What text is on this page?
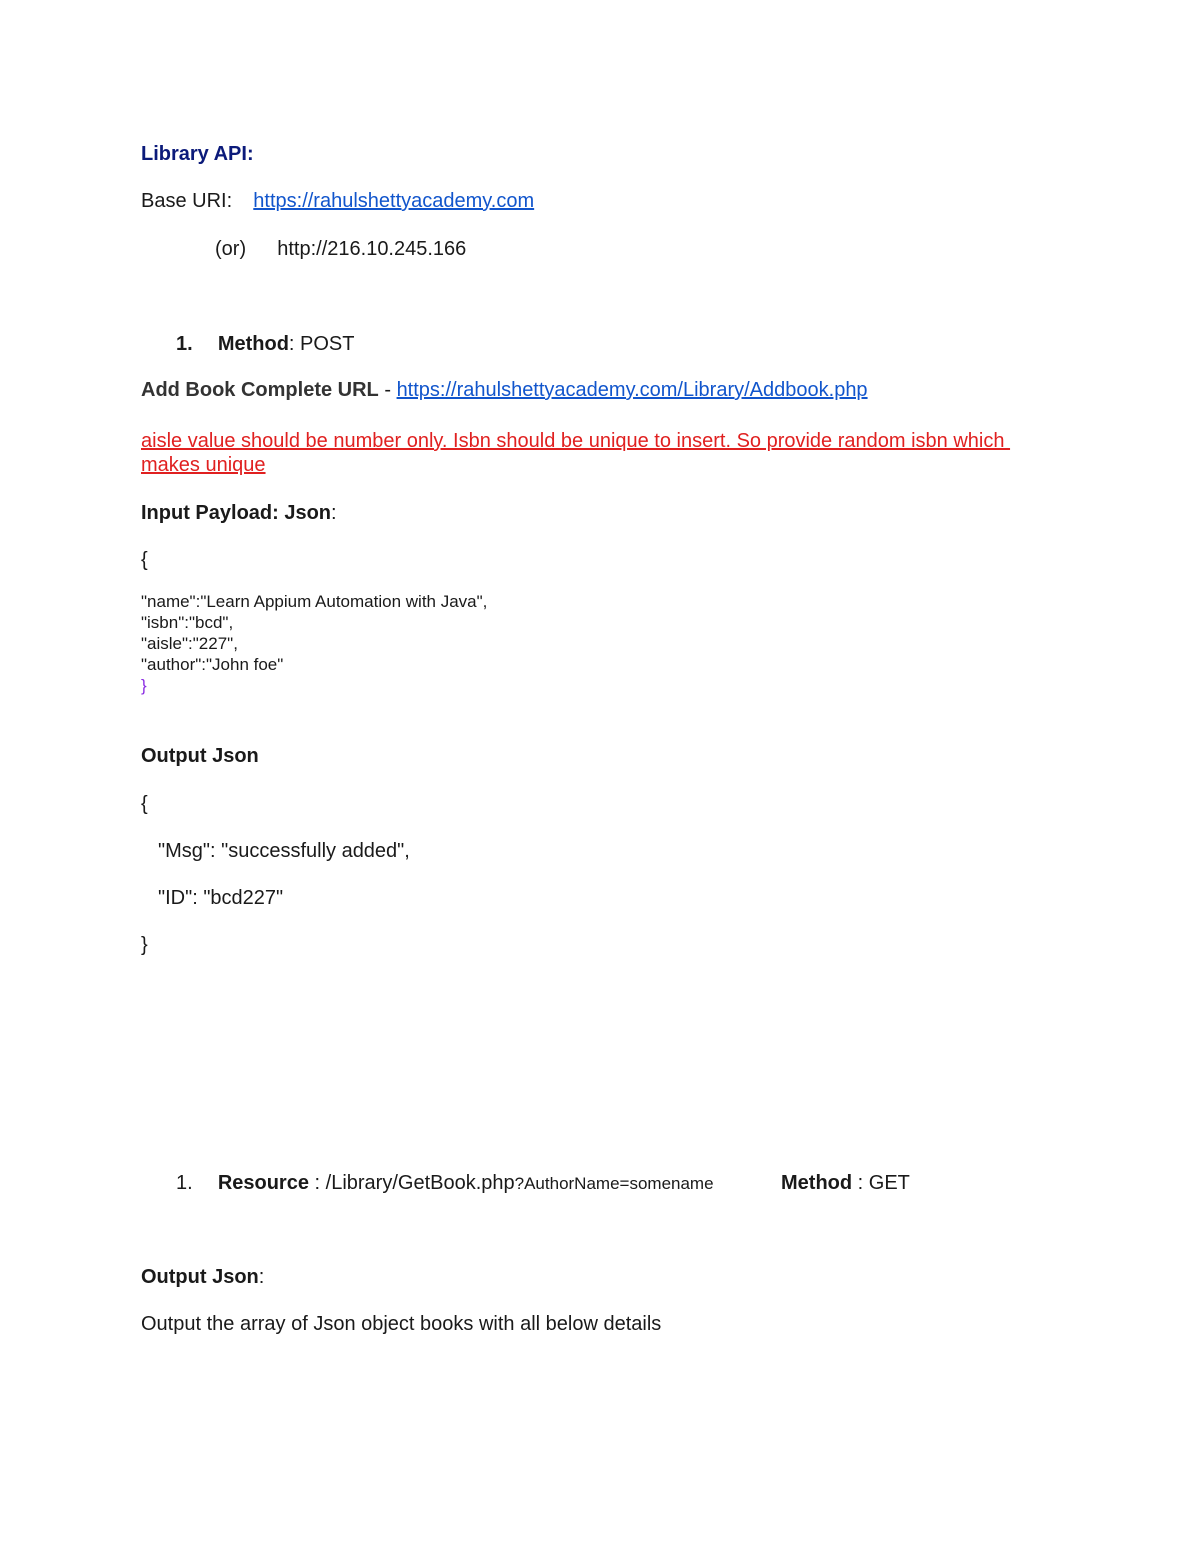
Library API:
Base URI: https://rahulshettyacademy.com
(or) http://216.10.245.166
1. Method: POST
Add Book Complete URL - https://rahulshettyacademy.com/Library/Addbook.php
aisle value should be number only. Isbn should be unique to insert. So provide random isbn which
makes unique
Input Payload: Json:
{
"name":"Learn Appium Automation with Java",
"isbn":"bcd",
"aisle":"227",
"author":"John foe"
}
Output Json
{
"Msg": "successfully added",
"ID": "bcd227"
}
1. Resource : /Library/GetBook.php?AuthorName=somename	Method : GET
Output Json:
Output the array of Json object books with all below details
